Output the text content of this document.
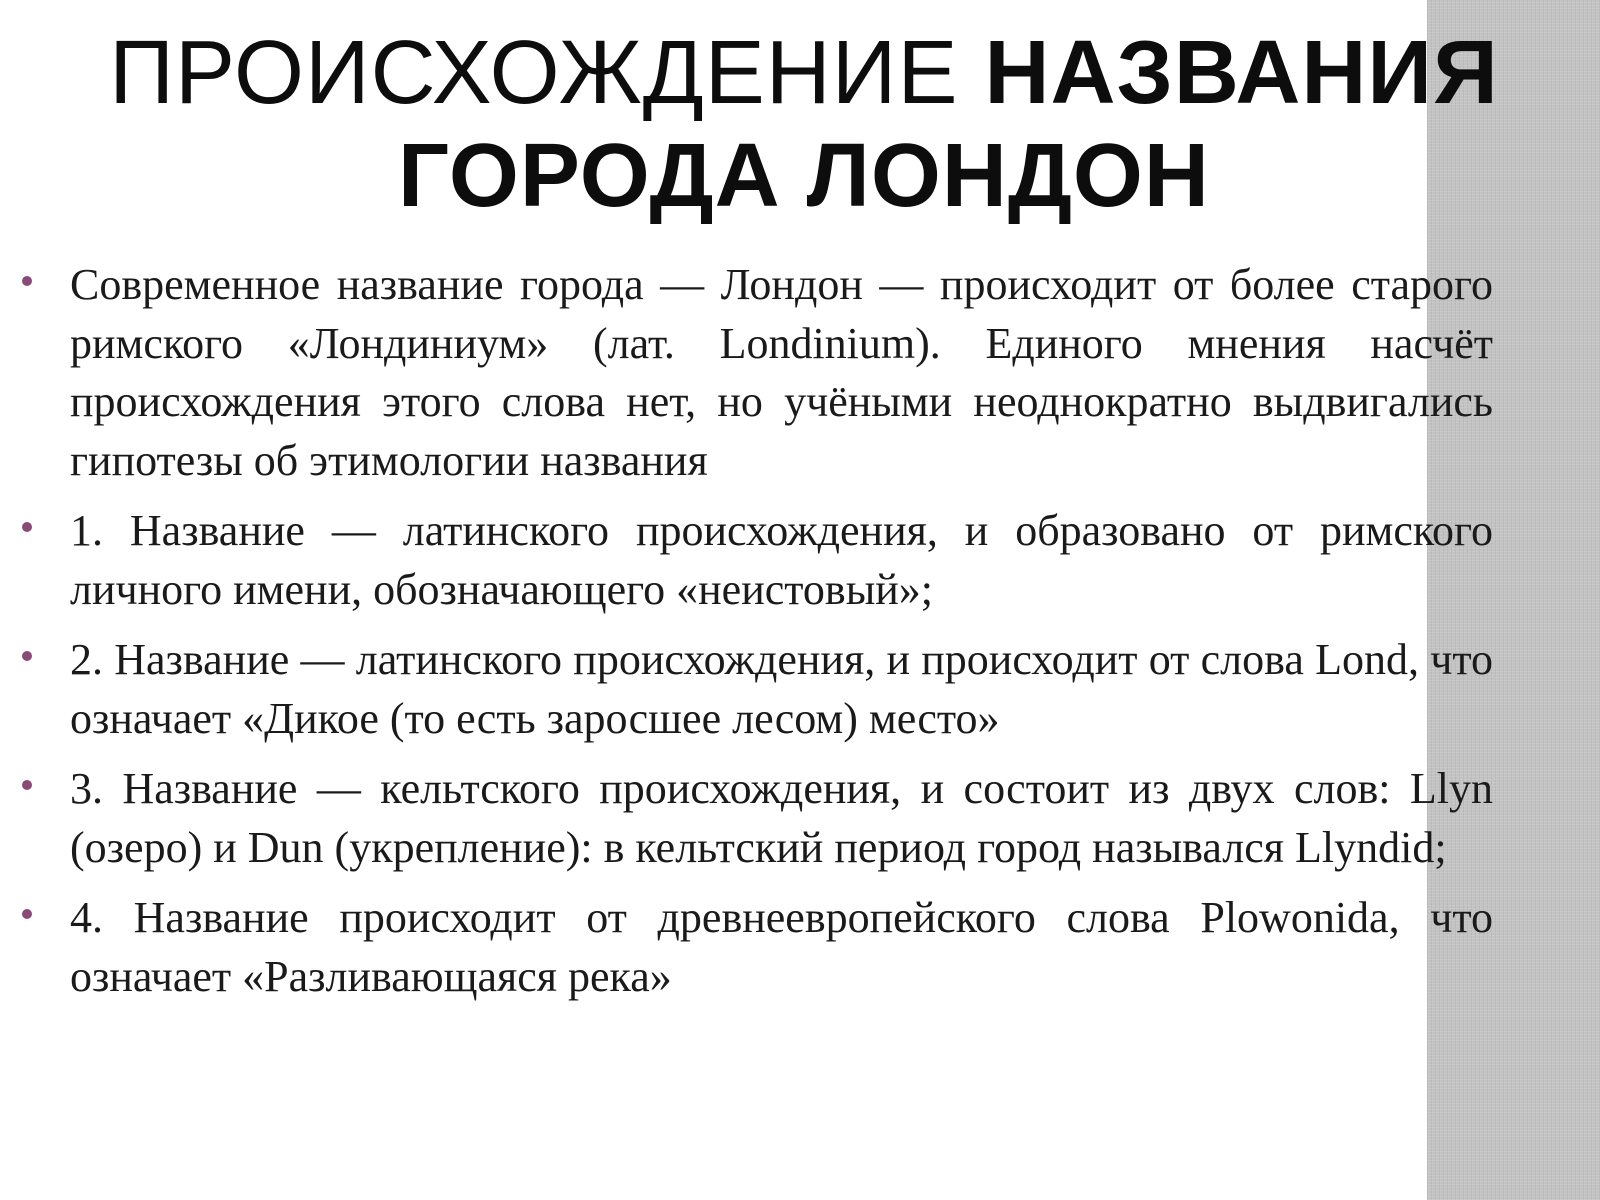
ПРОИСХОЖДЕНИЕ НАЗВАНИЯ
ГОРОДА ЛОНДОН
Современное название города — Лондон — происходит от более старого римского «Лондиниум» (лат. Londinium). Единого мнения насчёт происхождения этого слова нет, но учёными неоднократно выдвигались гипотезы об этимологии названия
1. Название — латинского происхождения, и образовано от римского личного имени, обозначающего «неистовый»;
2. Название — латинского происхождения, и происходит от слова Lond, что означает «Дикое (то есть заросшее лесом) место»
3. Название — кельтского происхождения, и состоит из двух слов: Llyn (озеро) и Dun (укрепление): в кельтский период город назывался Llyndid;
4. Название происходит от древнеевропейского слова Plowonida, что означает «Разливающаяся река»
